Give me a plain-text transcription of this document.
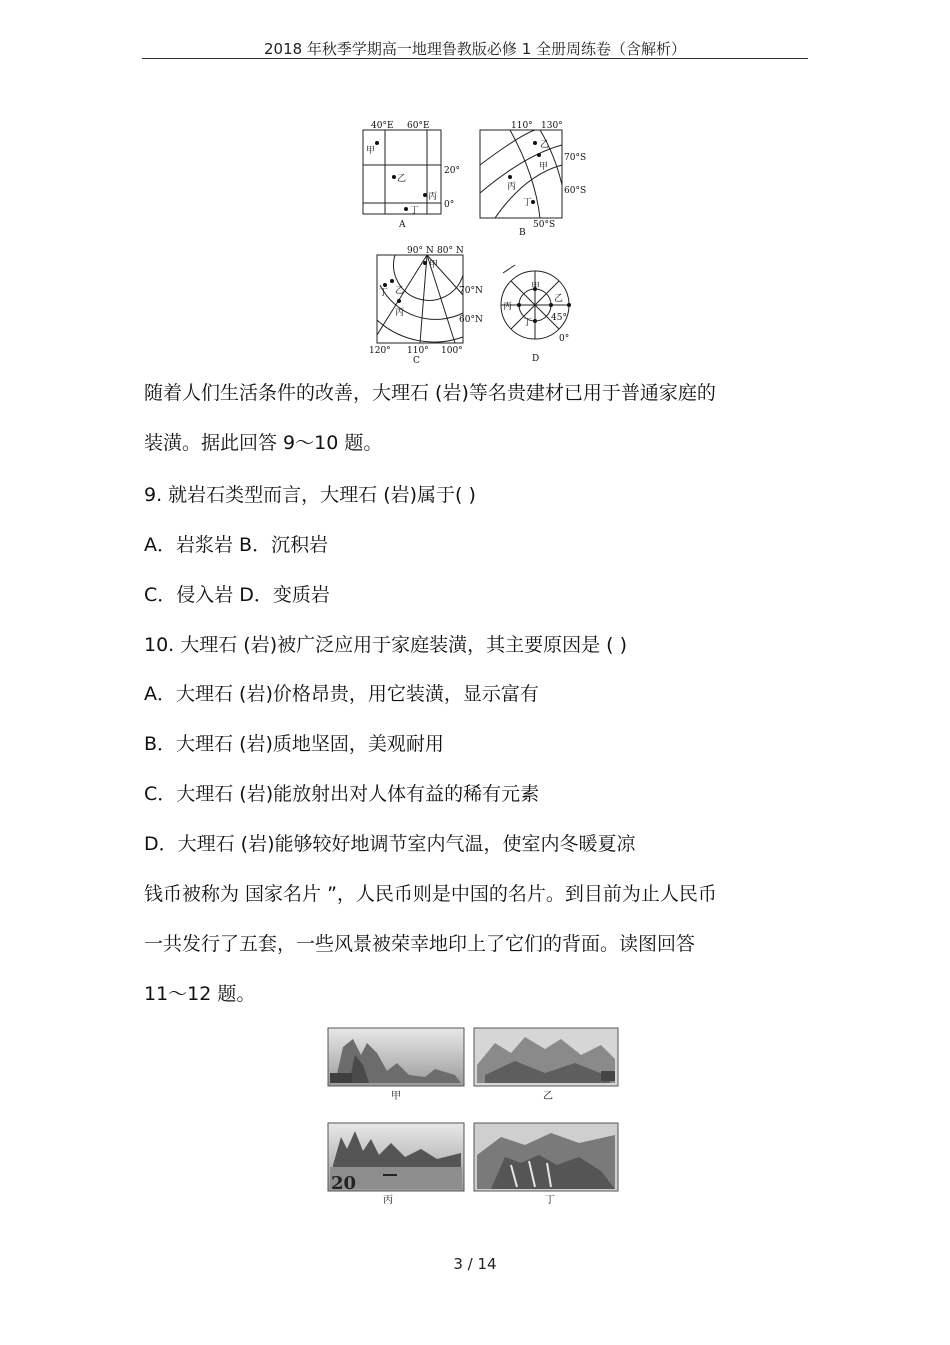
2018 年秋季学期高一地理鲁教版必修 1 全册周练卷（含解析）
40°E 60°E
20°
0°
甲
乙
丙
丁
A
110° 130°
70°S
60°S
50°S
乙
甲
丙
丁
B
90° N 80° N
70°N
60°N
120° 110° 100°
甲
丁 乙
丙
C
甲
乙
丙
丁 45°
0°
D
随着人们生活条件的改善，大理石 (岩)等名贵建材已用于普通家庭的
装潢。据此回答 9～10 题。
9. 就岩石类型而言，大理石 (岩)属于( )
A．岩浆岩 B．沉积岩
C．侵入岩 D．变质岩
10. 大理石 (岩)被广泛应用于家庭装潢，其主要原因是 ( )
A．大理石 (岩)价格昂贵，用它装潢，显示富有
B．大理石 (岩)质地坚固，美观耐用
C．大理石 (岩)能放射出对人体有益的稀有元素
D．大理石 (岩)能够较好地调节室内气温，使室内冬暖夏凉
钱币被称为 国家名片 ”，人民币则是中国的名片。到目前为止人民币
一共发行了五套，一些风景被荣幸地印上了它们的背面。读图回答
11～12 题。
甲	乙
20
丙	丁
3 / 14
